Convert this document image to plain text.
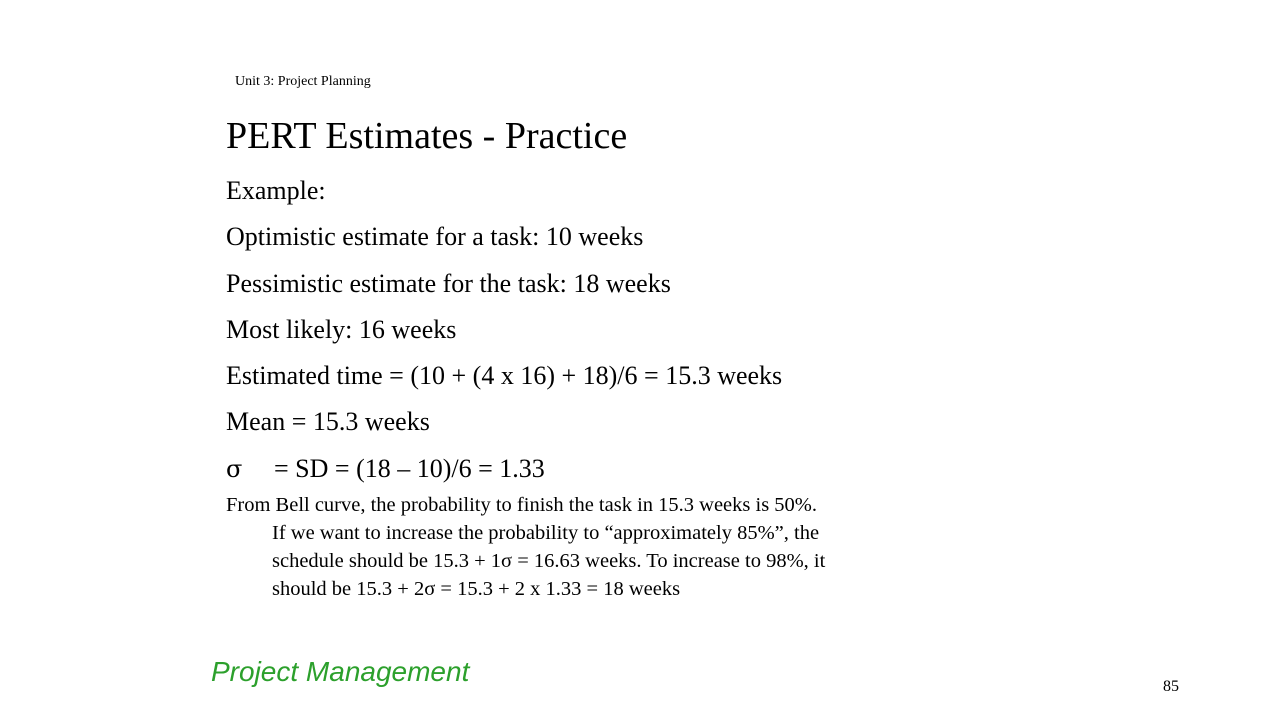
Unit 3: Project Planning
PERT Estimates - Practice
Example:
Optimistic estimate for a task: 10 weeks
Pessimistic estimate for the task: 18 weeks
Most likely: 16 weeks
Estimated time = (10 + (4 x 16) + 18)/6 = 15.3 weeks
Mean = 15.3 weeks
σ = SD = (18 – 10)/6 = 1.33
From Bell curve, the probability to finish the task in 15.3 weeks is 50%.
If we want to increase the probability to “approximately 85%”, the
schedule should be 15.3 + 1σ = 16.63 weeks. To increase to 98%, it
should be 15.3 + 2σ = 15.3 + 2 x 1.33 = 18 weeks
Project Management	85
